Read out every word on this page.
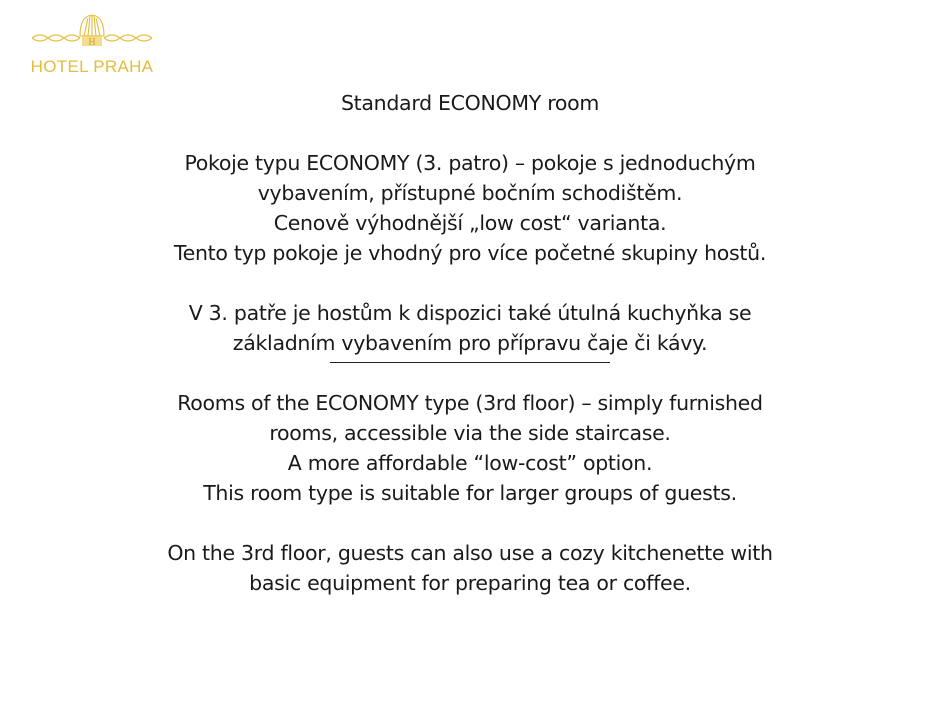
H
HOTEL PRAHA
Standard ECONOMY room
Pokoje typu ECONOMY (3. patro) – pokoje s jednoduchým
vybavením, přístupné bočním schodištěm.
Cenově výhodnější „low cost“ varianta.
Tento typ pokoje je vhodný pro více početné skupiny hostů.
V 3. patře je hostům k dispozici také útulná kuchyňka se
základním vybavením pro přípravu čaje či kávy.
Rooms of the ECONOMY type (3rd floor) – simply furnished
rooms, accessible via the side staircase.
A more affordable “low-cost” option.
This room type is suitable for larger groups of guests.
On the 3rd floor, guests can also use a cozy kitchenette with
basic equipment for preparing tea or coffee.
